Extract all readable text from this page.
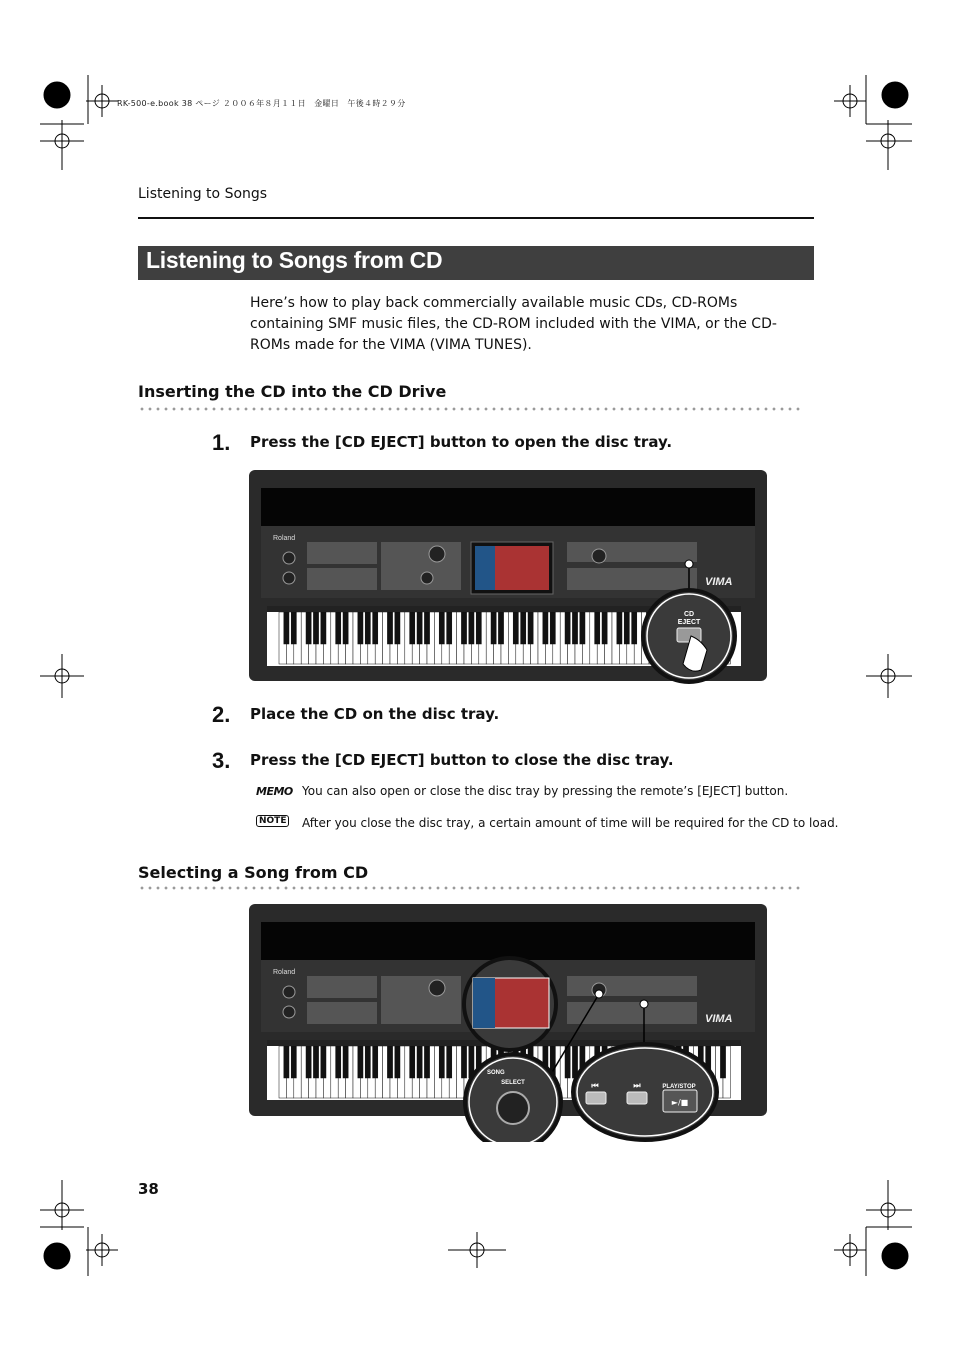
RK-500-e.book 38 ページ ２００６年８月１１日　金曜日　午後４時２９分
Listening to Songs
Listening to Songs from CD
Here’s how to play back commercially available music CDs, CD-ROMs containing SMF music files, the CD-ROM included with the VIMA, or the CD-ROMs made for the VIMA (VIMA TUNES).
Inserting the CD into the CD Drive
1. Press the [CD EJECT] button to open the disc tray.
Roland
VIMA
CD
EJECT
2. Place the CD on the disc tray.
3. Press the [CD EJECT] button to close the disc tray.
MEMO You can also open or close the disc tray by pressing the remote’s [EJECT] button.
NOTE After you close the disc tray, a certain amount of time will be required for the CD to load.
Selecting a Song from CD
Roland
VIMA
SONG
SELECT	⏮	⏭	PLAY/STOP
►/■
38
